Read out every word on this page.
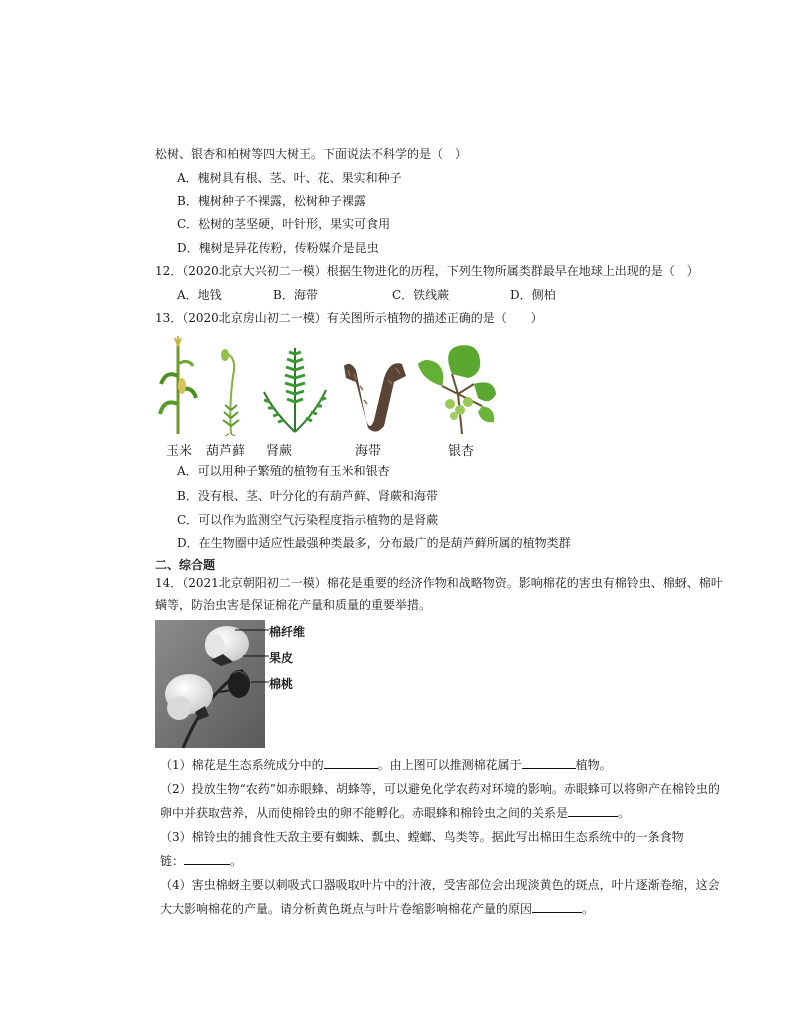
松树、银杏和柏树等四大树王。下面说法不科学的是（　）
A．槐树具有根、茎、叶、花、果实和种子
B．槐树种子不裸露，松树种子裸露
C．松树的茎坚硬，叶针形，果实可食用
D．槐树是异花传粉，传粉媒介是昆虫
12．（2020北京大兴初二一模）根据生物进化的历程，下列生物所属类群最早在地球上出现的是（　）
A．地钱	B．海带	C．铁线蕨	D．侧柏
13．（2020北京房山初二一模）有关图所示植物的描述正确的是（　　）
玉米 葫芦藓 肾蕨	海带	银杏
A．可以用种子繁殖的植物有玉米和银杏
B．没有根、茎、叶分化的有葫芦藓、肾蕨和海带
C．可以作为监测空气污染程度指示植物的是肾蕨
D．在生物圈中适应性最强种类最多，分布最广的是葫芦藓所属的植物类群
二、综合题
14．（2021北京朝阳初二一模）棉花是重要的经济作物和战略物资。影响棉花的害虫有棉铃虫、棉蚜、棉叶
螨等，防治虫害是保证棉花产量和质量的重要举措。
棉纤维
果皮
棉桃
（1）棉花是生态系统成分中的	。由上图可以推测棉花属于	植物。
（2）投放生物“农药”如赤眼蜂、胡蜂等，可以避免化学农药对环境的影响。赤眼蜂可以将卵产在棉铃虫的
卵中并获取营养，从而使棉铃虫的卵不能孵化。赤眼蜂和棉铃虫之间的关系是	。
（3）棉铃虫的捕食性天敌主要有蜘蛛、瓢虫、螳螂、鸟类等。据此写出棉田生态系统中的一条食物
链：	。
（4）害虫棉蚜主要以刺吸式口器吸取叶片中的汁液，受害部位会出现淡黄色的斑点，叶片逐渐卷缩，这会
大大影响棉花的产量。请分析黄色斑点与叶片卷缩影响棉花产量的原因	。
